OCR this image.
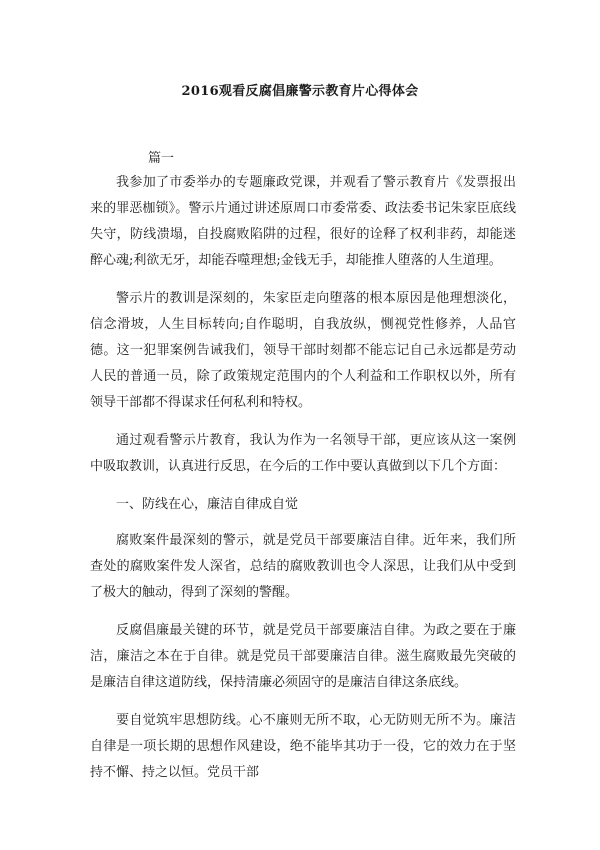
2016观看反腐倡廉警示教育片心得体会
篇一

我参加了市委举办的专题廉政党课，并观看了警示教育片《发票报出来的罪恶枷锁》。警示片通过讲述原周口市委常委、政法委书记朱家臣底线失守，防线溃塌，自投腐败陷阱的过程，很好的诠释了权利非药，却能迷醉心魂;利欲无牙，却能吞噬理想;金钱无手，却能推人堕落的人生道理。

警示片的教训是深刻的，朱家臣走向堕落的根本原因是他理想淡化，信念滑坡，人生目标转向;自作聪明，自我放纵，恻视党性修养，人品官德。这一犯罪案例告诫我们，领导干部时刻都不能忘记自己永远都是劳动人民的普通一员，除了政策规定范围内的个人利益和工作职权以外，所有领导干部都不得谋求任何私利和特权。

通过观看警示片教育，我认为作为一名领导干部，更应该从这一案例中吸取教训，认真进行反思，在今后的工作中要认真做到以下几个方面：

一、防线在心，廉洁自律成自觉

腐败案件最深刻的警示，就是党员干部要廉洁自律。近年来，我们所查处的腐败案件发人深省，总结的腐败教训也令人深思，让我们从中受到了极大的触动，得到了深刻的警醒。

反腐倡廉最关键的环节，就是党员干部要廉洁自律。为政之要在于廉洁，廉洁之本在于自律。就是党员干部要廉洁自律。滋生腐败最先突破的是廉洁自律这道防线，保持清廉必须固守的是廉洁自律这条底线。

要自觉筑牢思想防线。心不廉则无所不取，心无防则无所不为。廉洁自律是一项长期的思想作风建设，绝不能毕其功于一役，它的效力在于坚持不懈、持之以恒。党员干部
